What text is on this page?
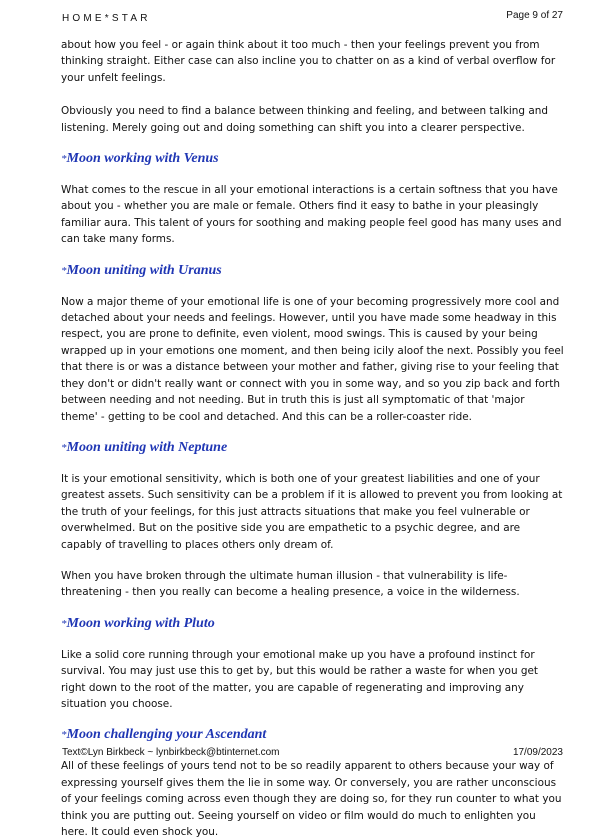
HOME*STAR	Page 9 of 27

about how you feel - or again think about it too much - then your feelings prevent you from thinking straight. Either case can also incline you to chatter on as a kind of verbal overflow for your unfelt feelings.

Obviously you need to find a balance between thinking and feeling, and between talking and listening. Merely going out and doing something can shift you into a clearer perspective.

*Moon working with Venus

What comes to the rescue in all your emotional interactions is a certain softness that you have about you - whether you are male or female. Others find it easy to bathe in your pleasingly familiar aura. This talent of yours for soothing and making people feel good has many uses and can take many forms.

*Moon uniting with Uranus

Now a major theme of your emotional life is one of your becoming progressively more cool and detached about your needs and feelings. However, until you have made some headway in this respect, you are prone to definite, even violent, mood swings. This is caused by your being wrapped up in your emotions one moment, and then being icily aloof the next. Possibly you feel that there is or was a distance between your mother and father, giving rise to your feeling that they don't or didn't really want or connect with you in some way, and so you zip back and forth between needing and not needing. But in truth this is just all symptomatic of that 'major theme' - getting to be cool and detached. And this can be a roller-coaster ride.

*Moon uniting with Neptune

It is your emotional sensitivity, which is both one of your greatest liabilities and one of your greatest assets. Such sensitivity can be a problem if it is allowed to prevent you from looking at the truth of your feelings, for this just attracts situations that make you feel vulnerable or overwhelmed. But on the positive side you are empathetic to a psychic degree, and are capably of travelling to places others only dream of.

When you have broken through the ultimate human illusion - that vulnerability is life-threatening - then you really can become a healing presence, a voice in the wilderness.

*Moon working with Pluto

Like a solid core running through your emotional make up you have a profound instinct for survival. You may just use this to get by, but this would be rather a waste for when you get right down to the root of the matter, you are capable of regenerating and improving any situation you choose.

*Moon challenging your Ascendant

All of these feelings of yours tend not to be so readily apparent to others because your way of expressing yourself gives them the lie in some way. Or conversely, you are rather unconscious of your feelings coming across even though they are doing so, for they run counter to what you think you are putting out. Seeing yourself on video or film would do much to enlighten you here. It could even shock you.

Text©Lyn Birkbeck ~ lynbirkbeck@btinternet.com	17/09/2023
